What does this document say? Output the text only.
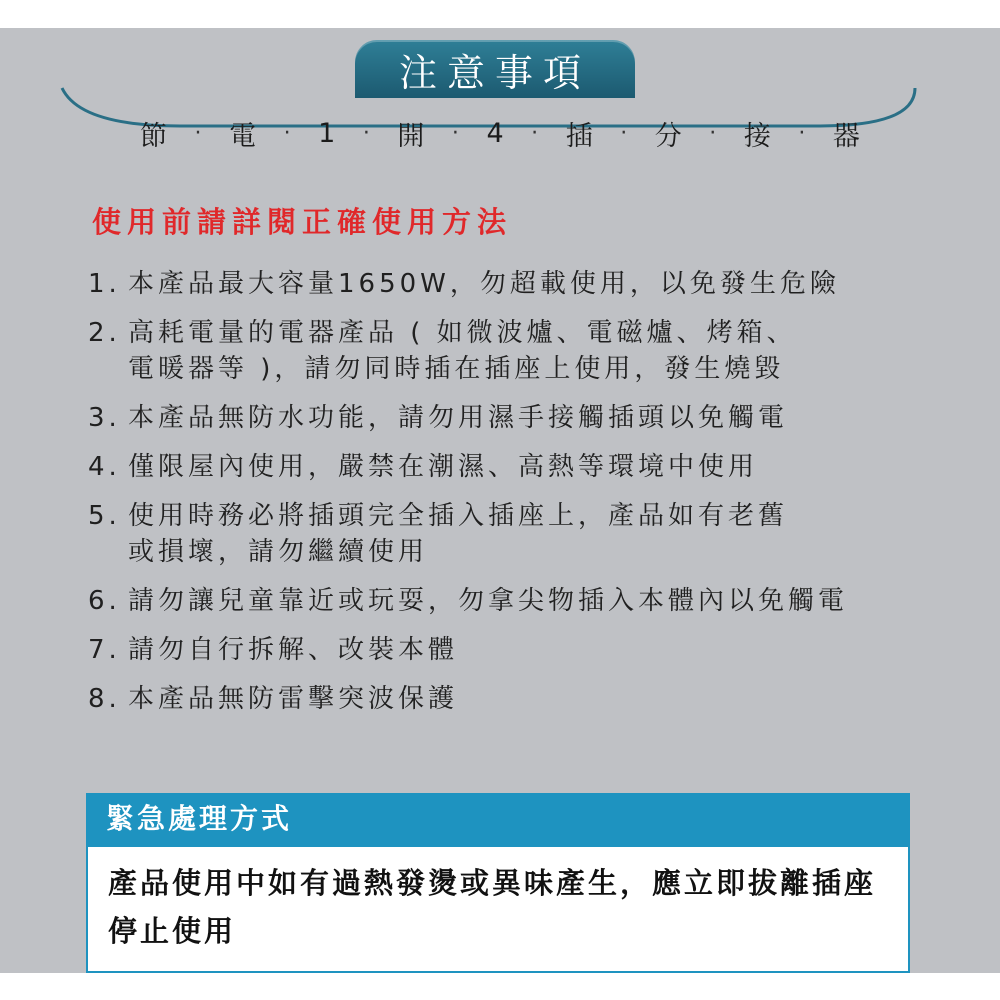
注意事項
節 · 電 · 1 · 開 · 4 · 插 · 分 · 接 · 器
使用前請詳閱正確使用方法
1. 本產品最大容量1650W，勿超載使用，以免發生危險
2. 高耗電量的電器產品 ( 如微波爐、電磁爐、烤箱、
電暖器等 )，請勿同時插在插座上使用，發生燒毀
3. 本產品無防水功能，請勿用濕手接觸插頭以免觸電
4. 僅限屋內使用，嚴禁在潮濕、高熱等環境中使用
5. 使用時務必將插頭完全插入插座上，產品如有老舊
或損壞，請勿繼續使用
6. 請勿讓兒童靠近或玩耍，勿拿尖物插入本體內以免觸電
7. 請勿自行拆解、改裝本體
8. 本產品無防雷擊突波保護
緊急處理方式

產品使用中如有過熱發燙或異味產生，應立即拔離插座停止使用
